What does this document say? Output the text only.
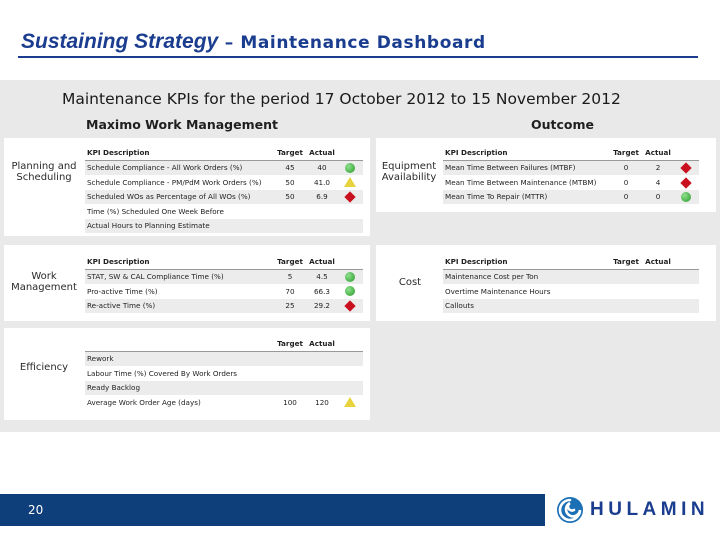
Sustaining Strategy – Maintenance Dashboard
Maintenance KPIs for the period 17 October 2012 to 15 November 2012
Maximo Work Management	Outcome
Planning and Scheduling
Equipment Availability
Work Management	Cost
Efficiency
KPI Description	Target Actual
Schedule Compliance - All Work Orders (%)	45	40
Schedule Compliance - PM/PdM Work Orders (%)	50	41.0
Scheduled WOs as Percentage of All WOs (%)	50	6.9
Time (%) Scheduled One Week Before
Actual Hours to Planning Estimate
KPI Description	Target Actual
Mean Time Between Failures (MTBF)	0	2
Mean Time Between Maintenance (MTBM)	0	4
Mean Time To Repair (MTTR)	0	0
KPI Description	Target Actual
STAT, SW & CAL Compliance Time (%)	5	4.5
Pro-active Time (%)	70	66.3
Re-active Time (%)	25	29.2
KPI Description	Target Actual
Maintenance Cost per Ton
Overtime Maintenance Hours
Callouts
Target Actual
Rework
Labour Time (%) Covered By Work Orders
Ready Backlog
Average Work Order Age (days)	100	120
20	HULAMIN
